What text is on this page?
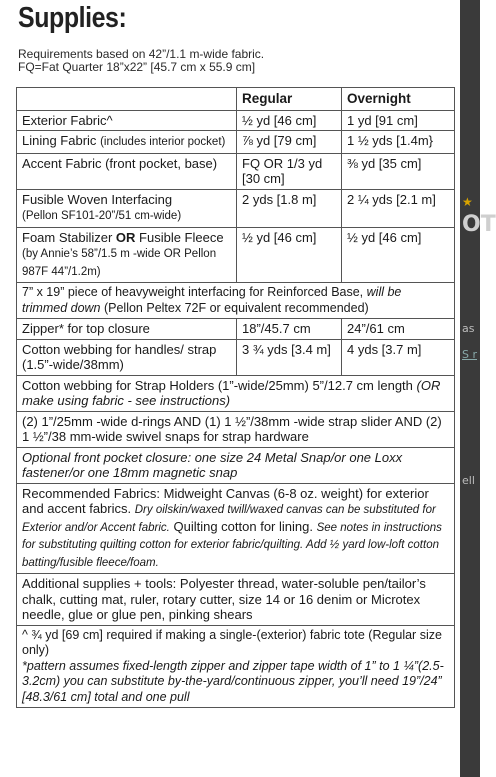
Supplies:

Requirements based on 42”/1.1 m-wide fabric.
FQ=Fat Quarter 18”x22” [45.7 cm x 55.9 cm]

	Regular	Overnight
Exterior Fabric^	½ yd [46 cm]	1 yd [91 cm]
Lining Fabric (includes interior pocket)	⅞ yd [79 cm]	1 ½ yds [1.4m}
Accent Fabric (front pocket, base)	FQ OR 1/3 yd [30 cm]	⅜ yd [35 cm]
Fusible Woven Interfacing
(Pellon SF101-20”/51 cm-wide)	2 yds [1.8 m]	2 ¼ yds [2.1 m]
Foam Stabilizer OR Fusible Fleece (by Annie’s 58”/1.5 m -wide OR Pellon 987F 44”/1.2m)	½ yd [46 cm]	½ yd [46 cm]
7” x 19” piece of heavyweight interfacing for Reinforced Base, will be trimmed down (Pellon Peltex 72F or equivalent recommended)		
Zipper* for top closure	18”/45.7 cm	24”/61 cm
Cotton webbing for handles/ strap (1.5”-wide/38mm)	3 ¾ yds [3.4 m]	4 yds [3.7 m]
Cotton webbing for Strap Holders (1”-wide/25mm) 5”/12.7 cm length (OR make using fabric - see instructions)		
(2) 1”/25mm -wide d-rings AND (1) 1 ½”/38mm -wide strap slider AND (2) 1 ½”/38 mm-wide swivel snaps for strap hardware		
Optional front pocket closure: one size 24 Metal Snap/or one Loxx fastener/or one 18mm magnetic snap		
Recommended Fabrics: Midweight Canvas (6-8 oz. weight) for exterior and accent fabrics. Dry oilskin/waxed twill/waxed canvas can be substituted for Exterior and/or Accent fabric. Quilting cotton for lining. See notes in instructions for substituting quilting cotton for exterior fabric/quilting. Add ½ yard low-loft cotton batting/fusible fleece/foam.		
Additional supplies + tools: Polyester thread, water-soluble pen/tailor’s chalk, cutting mat, ruler, rotary cutter, size 14 or 16 denim or Microtex needle, glue or glue pen, pinking shears		
^ ¾ yd [69 cm] required if making a single-(exterior) fabric tote (Regular size only)
*pattern assumes fixed-length zipper and zipper tape width of 1” to 1 ¼”(2.5-3.2cm) you can substitute by-the-yard/continuous zipper, you’ll need 19”/24” [48.3/61 cm] total and one pull		
★
OT
as
S r
ell
